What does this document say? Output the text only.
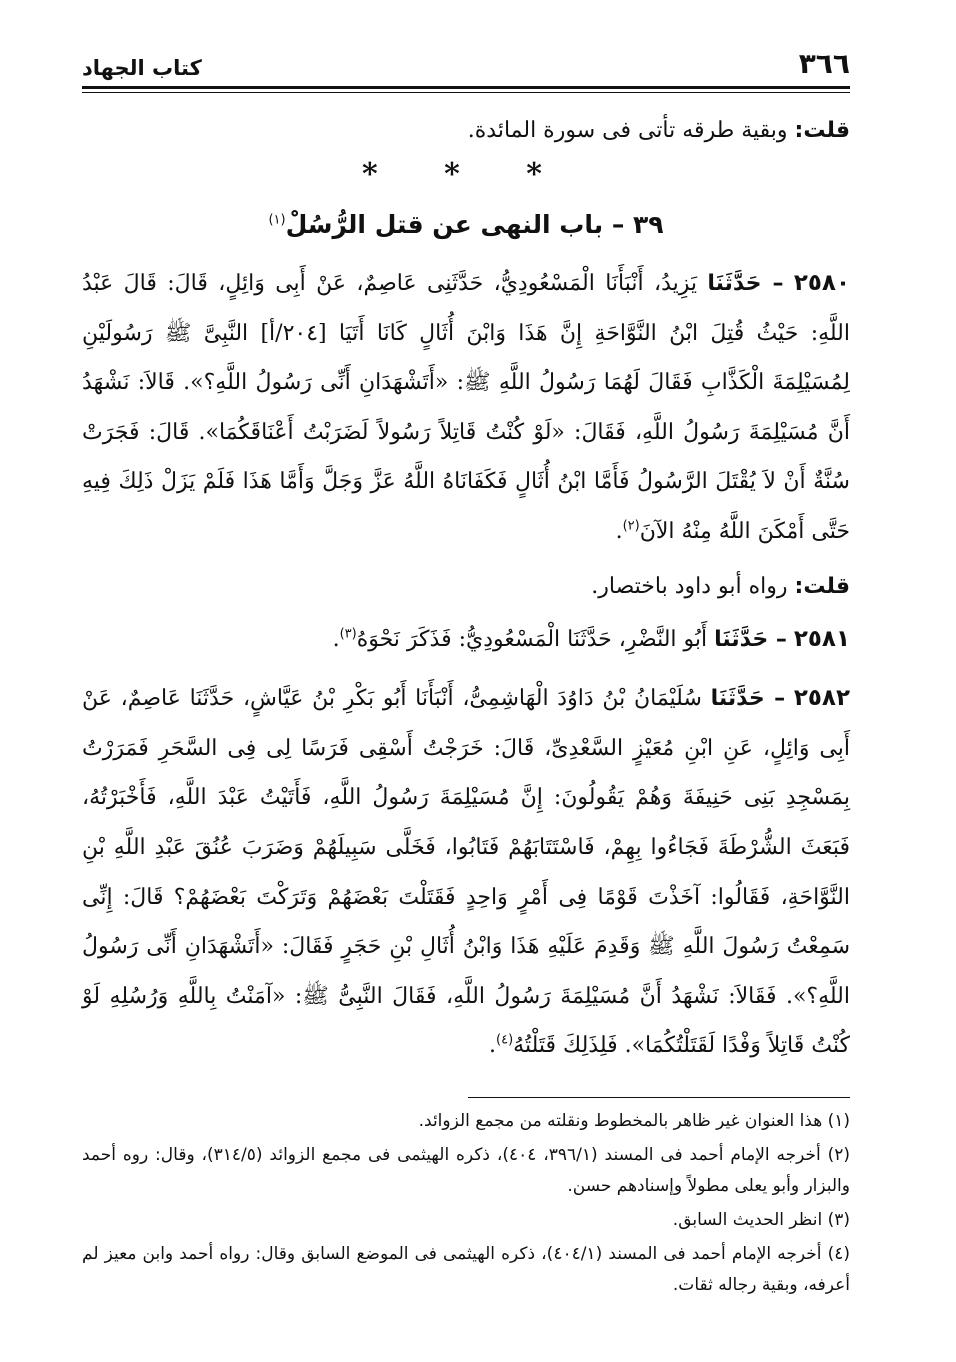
٣٦٦
كتاب الجهاد

قلت: وبقية طرقه تأتى فى سورة المائدة.

* * *
٣٩ – باب النهى عن قتل الرُّسُلْ$^{(١)}$

٢٥٨٠ – حَدَّثَنَا يَزِيدُ، أَنْبَأَنَا الْمَسْعُودِيُّ، حَدَّثَنِى عَاصِمٌ، عَنْ أَبِى وَائِلٍ، قَالَ: قَالَ عَبْدُ اللَّهِ: حَيْثُ قُتِلَ ابْنُ النَّوَّاحَةِ إِنَّ هَذَا وَابْنَ أُثَالٍ كَانَا أَتَيَا [٢٠٤/أ] النَّبِىَّ ﷺ رَسُولَيْنِ لِمُسَيْلِمَةَ الْكَذَّابِ فَقَالَ لَهُمَا رَسُولُ اللَّهِ ﷺ: «أَتَشْهَدَانِ أَنِّى رَسُولُ اللَّهِ؟». قَالاَ: نَشْهَدُ أَنَّ مُسَيْلِمَةَ رَسُولُ اللَّهِ، فَقَالَ: «لَوْ كُنْتُ قَاتِلاً رَسُولاً لَضَرَبْتُ أَعْنَاقَكُمَا». قَالَ: فَجَرَتْ سُنَّةٌ أَنْ لاَ يُقْتَلَ الرَّسُولُ فَأَمَّا ابْنُ أُثَالٍ فَكَفَانَاهُ اللَّهُ عَزَّ وَجَلَّ وَأَمَّا هَذَا فَلَمْ يَزَلْ ذَلِكَ فِيهِ حَتَّى أَمْكَنَ اللَّهُ مِنْهُ الآنَ$^{(٢)}$.

قلت: رواه أبو داود باختصار.

٢٥٨١ – حَدَّثَنَا أَبُو النَّضْرِ، حَدَّثَنَا الْمَسْعُودِيُّ: فَذَكَرَ نَحْوَهُ$^{(٣)}$.

٢٥٨٢ – حَدَّثَنَا سُلَيْمَانُ بْنُ دَاوُدَ الْهَاشِمِىُّ، أَنْبَأَنَا أَبُو بَكْرِ بْنُ عَيَّاشٍ، حَدَّثَنَا عَاصِمٌ، عَنْ أَبِى وَائِلٍ، عَنِ ابْنِ مُعَيْزٍ السَّعْدِىِّ، قَالَ: خَرَجْتُ أَسْقِى فَرَسًا لِى فِى السَّحَرِ فَمَرَرْتُ بِمَسْجِدِ بَنِى حَنِيفَةَ وَهُمْ يَقُولُونَ: إِنَّ مُسَيْلِمَةَ رَسُولُ اللَّهِ، فَأَتَيْتُ عَبْدَ اللَّهِ، فَأَخْبَرْتُهُ، فَبَعَثَ الشُّرْطَةَ فَجَاءُوا بِهِمْ، فَاسْتَتَابَهُمْ فَتَابُوا، فَخَلَّى سَبِيلَهُمْ وَضَرَبَ عُنُقَ عَبْدِ اللَّهِ بْنِ النَّوَّاحَةِ، فَقَالُوا: آخَذْتَ قَوْمًا فِى أَمْرٍ وَاحِدٍ فَقَتَلْتَ بَعْضَهُمْ وَتَرَكْتَ بَعْضَهُمْ؟ قَالَ: إِنِّى سَمِعْتُ رَسُولَ اللَّهِ ﷺ وَقَدِمَ عَلَيْهِ هَذَا وَابْنُ أُثَالِ بْنِ حَجَرٍ فَقَالَ: «أَتَشْهَدَانِ أَنِّى رَسُولُ اللَّهِ؟». فَقَالاَ: نَشْهَدُ أَنَّ مُسَيْلِمَةَ رَسُولُ اللَّهِ، فَقَالَ النَّبِىُّ ﷺ: «آمَنْتُ بِاللَّهِ وَرُسُلِهِ لَوْ كُنْتُ قَاتِلاً وَفْدًا لَقَتَلْتُكُمَا». فَلِذَلِكَ قَتَلْتُهُ$^{(٤)}$.

(١) هذا العنوان غير ظاهر بالمخطوط ونقلته من مجمع الزوائد.

(٢) أخرجه الإمام أحمد فى المسند (٣٩٦/١، ٤٠٤)، ذكره الهيثمى فى مجمع الزوائد (٣١٤/٥)، وقال: روه أحمد والبزار وأبو يعلى مطولاً وإسنادهم حسن.

(٣) انظر الحديث السابق.

(٤) أخرجه الإمام أحمد فى المسند (٤٠٤/١)، ذكره الهيثمى فى الموضع السابق وقال: رواه أحمد وابن معيز لم أعرفه، وبقية رجاله ثقات.
